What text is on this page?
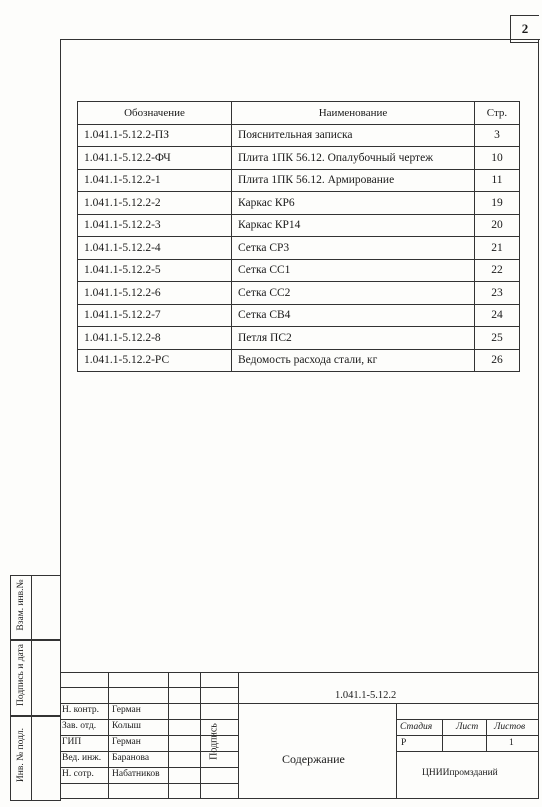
2
Обозначение	Наименование	Стр.
1.041.1-5.12.2-ПЗ	Пояснительная записка	3
1.041.1-5.12.2-ФЧ	Плита 1ПК 56.12. Опалубочный чертеж	10
1.041.1-5.12.2-1	Плита 1ПК 56.12. Армирование	11
1.041.1-5.12.2-2	Каркас КР6	19
1.041.1-5.12.2-3	Каркас КР14	20
1.041.1-5.12.2-4	Сетка СР3	21
1.041.1-5.12.2-5	Сетка СС1	22
1.041.1-5.12.2-6	Сетка СС2	23
1.041.1-5.12.2-7	Сетка СВ4	24
1.041.1-5.12.2-8	Петля ПС2	25
1.041.1-5.12.2-РС	Ведомость расхода стали, кг	26
Взам. инв.№
Подпись и дата
Инв. № подл.
1.041.1-5.12.2
Н. контр. Герман
Зав. отд. Колыш
ГИП	Герман
Вед. инж. Баранова
Н. сотр. Набатников
Подпись	Содержание
Стадия	Лист Листов
Р	1
ЦНИИпромзданий
